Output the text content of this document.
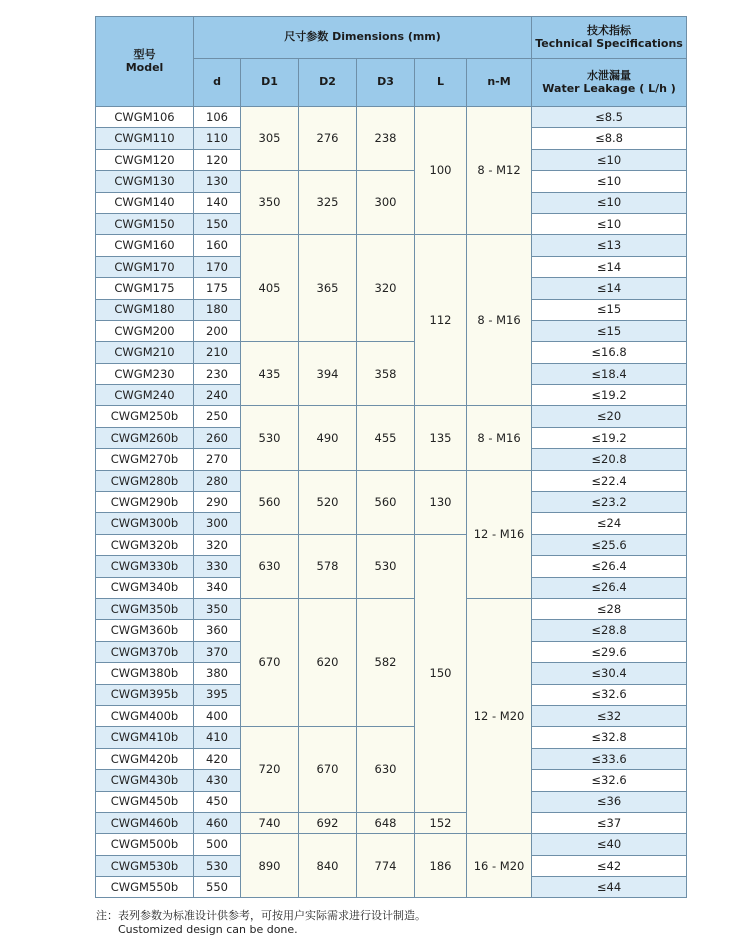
型号
Model	尺寸参数 Dimensions (mm)						技术指标
Technical Specifications

	d	D1	D2	D3	L	n-M	水泄漏量
Water Leakage ( L/h )

CWGM106	106	305	276	238	100	8 - M12	≤8.5
CWGM110	110						≤8.8
CWGM120	120						≤10
CWGM130	130	350	325	300			≤10
CWGM140	140						≤10
CWGM150	150						≤10
CWGM160	160	405	365	320	112	8 - M16	≤13
CWGM170	170						≤14
CWGM175	175						≤14
CWGM180	180						≤15
CWGM200	200						≤15
CWGM210	210	435	394	358			≤16.8
CWGM230	230						≤18.4
CWGM240	240						≤19.2
CWGM250b	250	530	490	455	135	8 - M16	≤20
CWGM260b	260						≤19.2
CWGM270b	270						≤20.8
CWGM280b	280	560	520	560	130	12 - M16	≤22.4
CWGM290b	290						≤23.2
CWGM300b	300						≤24
CWGM320b	320	630	578	530	150		≤25.6
CWGM330b	330						≤26.4
CWGM340b	340						≤26.4
CWGM350b	350	670	620	582		12 - M20	≤28
CWGM360b	360						≤28.8
CWGM370b	370						≤29.6
CWGM380b	380						≤30.4
CWGM395b	395						≤32.6
CWGM400b	400						≤32
CWGM410b	410	720	670	630			≤32.8
CWGM420b	420						≤33.6
CWGM430b	430						≤32.6
CWGM450b	450						≤36
CWGM460b	460	740	692	648	152		≤37
CWGM500b	500	890	840	774	186	16 - M20	≤40
CWGM530b	530						≤42
CWGM550b	550						≤44
注：表列参数为标准设计供参考，可按用户实际需求进行设计制造。
Customized design can be done.
